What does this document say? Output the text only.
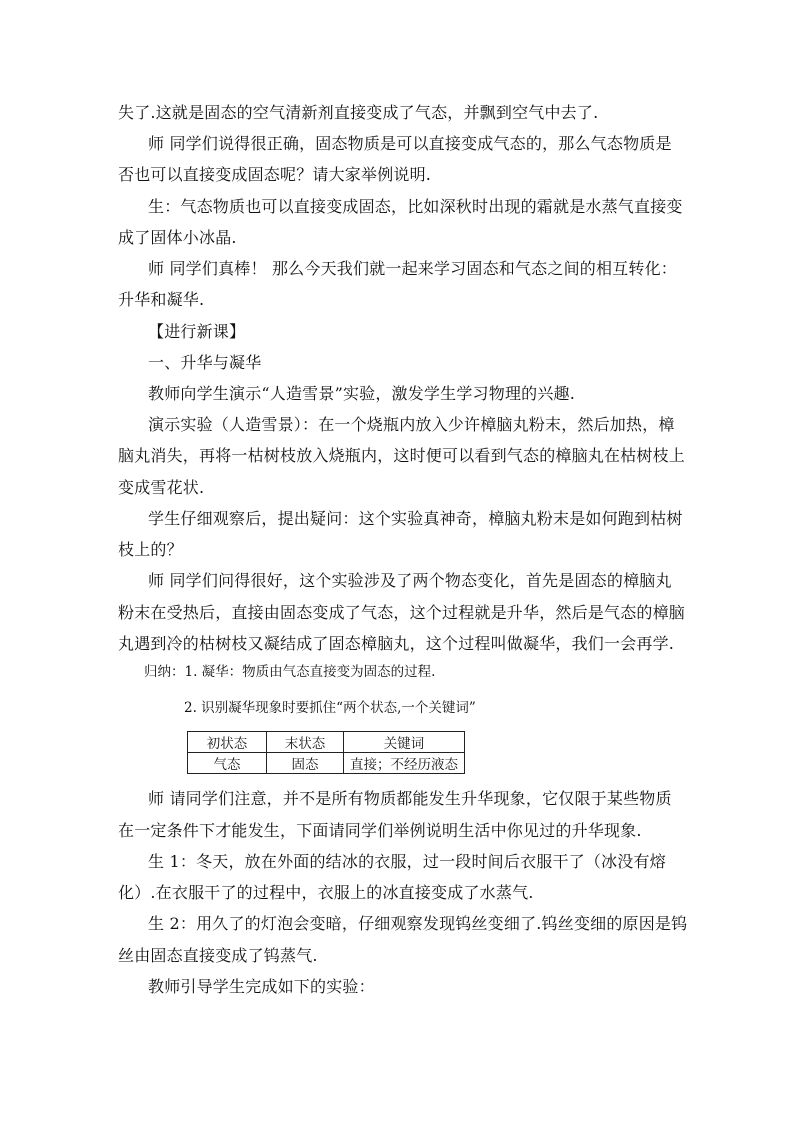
失了.这就是固态的空气清新剂直接变成了气态，并飘到空气中去了.
师 同学们说得很正确，固态物质是可以直接变成气态的，那么气态物质是
否也可以直接变成固态呢？请大家举例说明.
生：气态物质也可以直接变成固态，比如深秋时出现的霜就是水蒸气直接变
成了固体小冰晶.
师 同学们真棒！ 那么今天我们就一起来学习固态和气态之间的相互转化：
升华和凝华.
【进行新课】
一、升华与凝华
教师向学生演示“人造雪景”实验，激发学生学习物理的兴趣.
演示实验（人造雪景）：在一个烧瓶内放入少许樟脑丸粉末，然后加热，樟
脑丸消失，再将一枯树枝放入烧瓶内，这时便可以看到气态的樟脑丸在枯树枝上
变成雪花状.
学生仔细观察后，提出疑问：这个实验真神奇，樟脑丸粉末是如何跑到枯树
枝上的？
师 同学们问得很好，这个实验涉及了两个物态变化，首先是固态的樟脑丸
粉末在受热后，直接由固态变成了气态，这个过程就是升华，然后是气态的樟脑
丸遇到冷的枯树枝又凝结成了固态樟脑丸，这个过程叫做凝华，我们一会再学.
归纳：1. 凝华：物质由气态直接变为固态的过程.
2. 识别凝华现象时要抓住“两个状态,一个关键词”
初状态	末状态	关键词
气态	固态	直接；不经历液态
师 请同学们注意，并不是所有物质都能发生升华现象，它仅限于某些物质
在一定条件下才能发生，下面请同学们举例说明生活中你见过的升华现象.
生 1：冬天，放在外面的结冰的衣服，过一段时间后衣服干了（冰没有熔
化）.在衣服干了的过程中，衣服上的冰直接变成了水蒸气.
生 2：用久了的灯泡会变暗，仔细观察发现钨丝变细了.钨丝变细的原因是钨
丝由固态直接变成了钨蒸气.
教师引导学生完成如下的实验：
